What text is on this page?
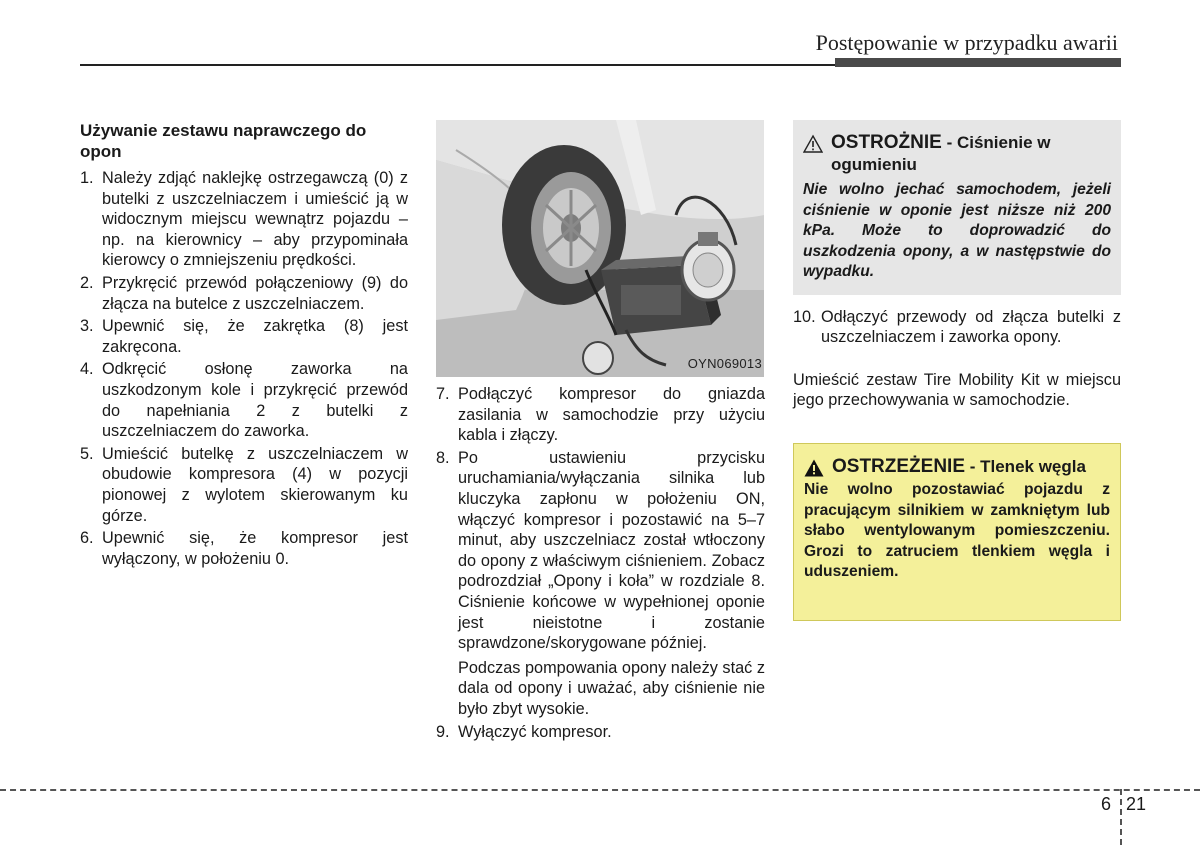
Postępowanie w przypadku awarii
Używanie zestawu naprawczego do opon
1. Należy zdjąć naklejkę ostrzegawczą (0) z butelki z uszczelniaczem i umieścić ją w widocznym miejscu wewnątrz pojazdu – np. na kierownicy – aby przypominała kierowcy o zmniejszeniu prędkości.
2. Przykręcić przewód połączeniowy (9) do złącza na butelce z uszczelniaczem.
3. Upewnić się, że zakrętka (8) jest zakręcona.
4. Odkręcić osłonę zaworka na uszkodzonym kole i przykręcić przewód do napełniania 2 z butelki z uszczelniaczem do zaworka.
5. Umieścić butelkę z uszczelniaczem w obudowie kompresora (4) w pozycji pionowej z wylotem skierowanym ku górze.
6. Upewnić się, że kompresor jest wyłączony, w położeniu 0.
OYN069013
7. Podłączyć kompresor do gniazda zasilania w samochodzie przy użyciu kabla i złączy.
8. Po ustawieniu przycisku uruchamiania/wyłączania silnika lub kluczyka zapłonu w położeniu ON, włączyć kompresor i pozostawić na 5–7 minut, aby uszczelniacz został wtłoczony do opony z właściwym ciśnieniem. Zobacz podrozdział „Opony i koła” w rozdziale 8. Ciśnienie końcowe w wypełnionej oponie jest nieistotne i zostanie sprawdzone/skorygowane później.
Podczas pompowania opony należy stać z dala od opony i uważać, aby ciśnienie nie było zbyt wysokie.
9. Wyłączyć kompresor.
OSTROŻNIE - Ciśnienie w ogumieniu
Nie wolno jechać samochodem, jeżeli ciśnienie w oponie jest niższe niż 200 kPa. Może to doprowadzić do uszkodzenia opony, a w następstwie do wypadku.
10. Odłączyć przewody od złącza butelki z uszczelniaczem i zaworka opony.
Umieścić zestaw Tire Mobility Kit w miejscu jego przechowywania w samochodzie.
OSTRZEŻENIE - Tlenek węgla
Nie wolno pozostawiać pojazdu z pracującym silnikiem w zamkniętym lub słabo wentylowanym pomieszczeniu. Grozi to zatruciem tlenkiem węgla i uduszeniem.
6 21
